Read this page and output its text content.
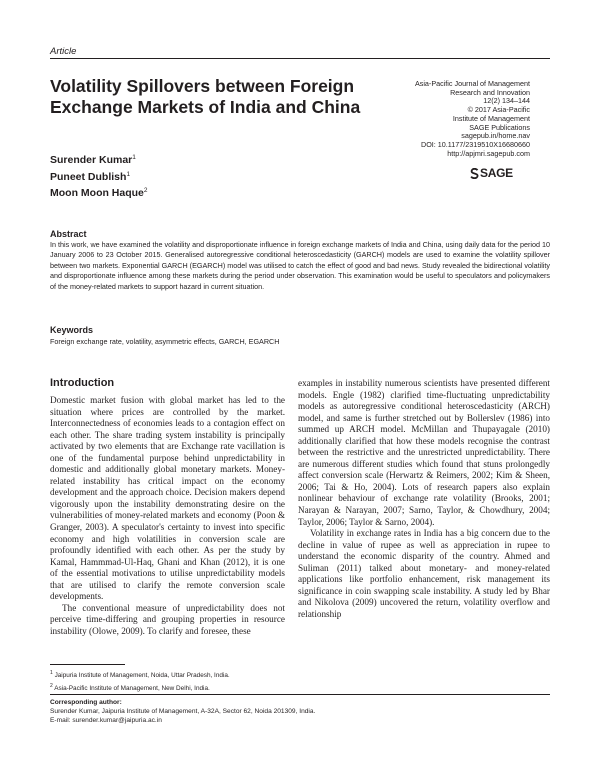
Article
Volatility Spillovers between Foreign Exchange Markets of India and China
Asia-Pacific Journal of Management
Research and Innovation
12(2) 134–144
© 2017 Asia-Pacific
Institute of Management
SAGE Publications
sagepub.in/home.nav
DOI: 10.1177/2319510X16680660
http://apjmri.sagepub.com
SAGE
Surender Kumar$^1$
Puneet Dublish$^1$
Moon Moon Haque$^2$
Abstract
In this work, we have examined the volatility and disproportionate influence in foreign exchange markets of India and China, using daily data for the period 10 January 2006 to 23 October 2015. Generalised autoregressive conditional heteroscedasticity (GARCH) models are used to examine the volatility spillover between two markets. Exponential GARCH (EGARCH) model was utilised to catch the effect of good and bad news. Study revealed the bidirectional volatility and disproportionate influence among these markets during the period under observation. This examination would be useful to speculators and policymakers of the money-related markets to support hazard in current situation.
Keywords
Foreign exchange rate, volatility, asymmetric effects, GARCH, EGARCH
Introduction

Domestic market fusion with global market has led to the situation where prices are controlled by the market. Interconnectedness of economies leads to a contagion effect on each other. The share trading system instability is principally activated by two elements that are Exchange rate vacillation is one of the fundamental purpose behind unpredictability in domestic and additionally global monetary markets. Money-related instability has critical impact on the economy development and the approach choice. Decision makers depend vigorously upon the instability demonstrating desire on the vulnerabilities of money-related markets and economy (Poon & Granger, 2003). A speculator's certainty to invest into specific economy and high volatilities in conversion scale are profoundly identified with each other. As per the study by Kamal, Hammmad-Ul-Haq, Ghani and Khan (2012), it is one of the essential motivations to utilise unpredictability models that are utilised to clarify the remote conversion scale developments.

The conventional measure of unpredictability does not perceive time-differing and grouping properties in resource instability (Olowe, 2009). To clarify and foresee, these

examples in instability numerous scientists have presented different models. Engle (1982) clarified time-fluctuating unpredictability models as autoregressive conditional heteroscedasticity (ARCH) model, and same is further stretched out by Bollerslev (1986) into summed up ARCH model. McMillan and Thupayagale (2010) additionally clarified that how these models recognise the contrast between the restrictive and the unrestricted unpredictability. There are numerous different studies which found that stuns prolongedly affect conversion scale (Herwartz & Reimers, 2002; Kim & Sheen, 2006; Tai & Ho, 2004). Lots of research papers also explain nonlinear behaviour of exchange rate volatility (Brooks, 2001; Narayan & Narayan, 2007; Sarno, Taylor, & Chowdhury, 2004; Taylor, 2006; Taylor & Sarno, 2004).

Volatility in exchange rates in India has a big concern due to the decline in value of rupee as well as appreciation in rupee to understand the economic disparity of the country. Ahmed and Suliman (2011) talked about monetary- and money-related applications like portfolio enhancement, risk management its significance in coin swapping scale instability. A study led by Bhar and Nikolova (2009) uncovered the return, volatility overflow and relationship

$^1$ Jaipuria Institute of Management, Noida, Uttar Pradesh, India.
$^2$ Asia-Pacific Institute of Management, New Delhi, India.
Corresponding author:
Surender Kumar, Jaipuria Institute of Management, A-32A, Sector 62, Noida 201309, India.
E-mail: surender.kumar@jaipuria.ac.in
